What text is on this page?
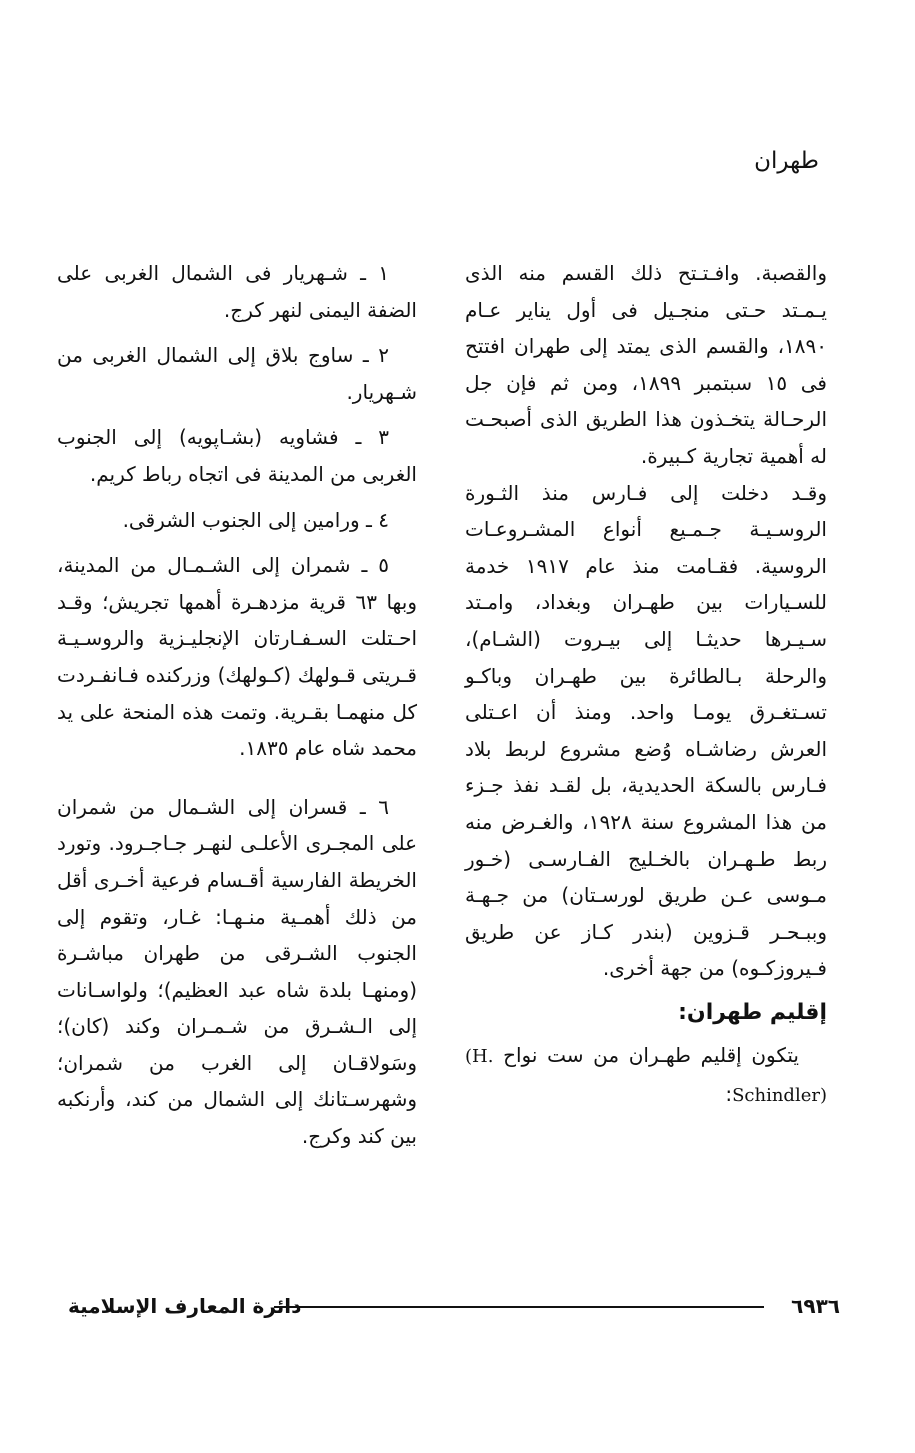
طهران

والقصبة. وافـتـتح ذلك القسم منه الذى يـمـتد حـتى منجـيل فى أول يناير عـام ١٨٩٠، والقسم الذى يمتد إلى طهران افتتح فى ١٥ سبتمبر ١٨٩٩، ومن ثم فإن جل الرحـالة يتخـذون هذا الطريق الذى أصبحـت له أهمية تجارية كـبيرة.

وقـد دخلت إلى فـارس منذ الثـورة الروسـيـة جـمـيع أنواع المشـروعـات الروسية. فقـامت منذ عام ١٩١٧ خدمة للسـيارات بين طهـران وبغداد، وامـتد سـيـرها حديثـا إلى بيـروت (الشـام)، والرحلة بـالطائرة بين طهـران وباكـو تسـتغـرق يومـا واحد. ومنذ أن اعـتلى العرش رضاشـاه وُضع مشروع لربط بلاد فـارس بالسكة الحديدية، بل لقـد نفذ جـزء من هذا المشروع سنة ١٩٢٨، والغـرض منه ربط طـهـران بالخـليج الفـارسـى (خـور مـوسى عـن طريق لورسـتان) من جـهـة وببـحـر قـزوين (بندر كـاز عن طريق فـيروزكـوه) من جهة أخرى.

إقليم طهران:

يتكون إقليم طهـران من ست نواح (H. Schindler):

١ ـ شـهريار فى الشمال الغربى على الضفة اليمنى لنهر كرج.

٢ ـ ساوج بلاق إلى الشمال الغربى من شـهريار.

٣ ـ فشاويه (بشـاپويه) إلى الجنوب الغربى من المدينة فى اتجاه رباط كريم.

٤ ـ ورامين إلى الجنوب الشرقى.

٥ ـ شمران إلى الشـمـال من المدينة، وبها ٦٣ قرية مزدهـرة أهمها تجريش؛ وقـد احـتلت السـفـارتان الإنجليـزية والروسـيـة قـريتى قـولهك (كـولهك) وزركنده فـانفـردت كل منهمـا بقـرية. وتمت هذه المنحة على يد محمد شاه عام ١٨٣٥.

٦ ـ قسران إلى الشـمال من شمران على المجـرى الأعلـى لنهـر جـاجـرود. وتورد الخريطة الفارسية أقـسام فرعية أخـرى أقل من ذلك أهمـية منـهـا: غـار، وتقوم إلى الجنوب الشـرقى من طهران مباشـرة (ومنهـا بلدة شاه عبد العظيم)؛ ولواسـانات إلى الـشـرق من شـمـران وكند (كان)؛ وسَولاقـان إلى الغرب من شمران؛ وشهرسـتانك إلى الشمال من كند، وأرنكبه بين كند وكرج.

٦٩٣٦
دائرة المعارف الإسلامية
